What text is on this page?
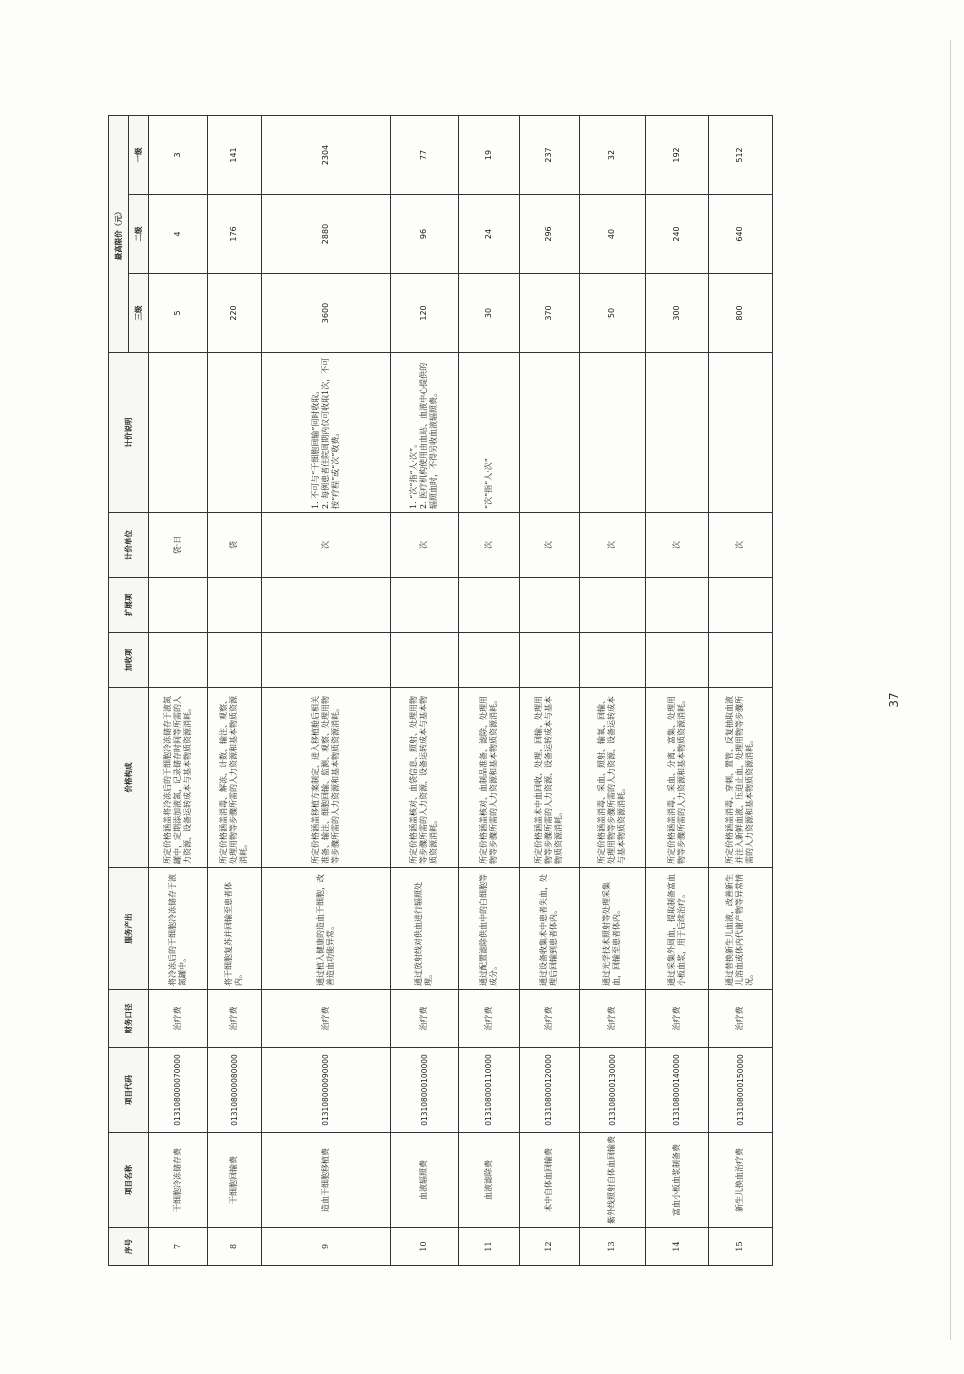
序号	项目名称	项目代码	财务口径	服务产出	价格构成	加收项	扩展项	计价单位	计价说明	最高限价（元）		
										三级	二级	一级
7	干细胞冷冻储存费	013108000070000	治疗费	将冷冻后的干细胞冷冻储存于液氮罐中。	所定价格涵盖将冷冻后的干细胞冷冻储存于液氮罐中，定期添加液氮，记录储存时间等所需的人力资源、设备运转成本与基本物质资源消耗。			袋·日		5	4	3
8	干细胞回输费	013108000080000	治疗费	将干细胞复苏并回输至患者体内。	所定价格涵盖消毒、解冻、计数、输注、观察、处理用物等步骤所需的人力资源和基本物质资源消耗。			袋		220	176	141
9	造血干细胞移植费	013108000090000	治疗费	通过植入健康的造血干细胞，改善造血功能异常。	所定价格涵盖移植方案制定、进入移植舱后相关准备、输注、细胞回输、监测、观察、处理用物等步骤所需的人力资源和基本物质资源消耗。			次	1. 不可与“干细胞回输”同时收取。
2. 每例患者住院周期内仅可收取1次，不可按“疗程”或“次”收费。	3600	2880	2304
10	血液辐照费	013108000100000	治疗费	通过放射线对供血进行辐照处理。	所定价格涵盖核对、血袋信息、照射、处理用物等步骤所需的人力资源、设备运转成本与基本物质资源消耗。			次	1. “次”指“人·次”。
2. 医疗机构使用由血站、血液中心提供的辐照血时，不得另收血液辐照费。	120	96	77
11	血液滤除费	013108000110000	治疗费	通过配置滤除供血中的白细胞等成分。	所定价格涵盖核对、血制品准备、滤除、处理用物等步骤所需的人力资源和基本物质资源消耗。			次	“次”指“人·次”	30	24	19
12	术中自体血回输费	013108000120000	治疗费	通过设备收集术中患者失血，处理后回输到患者体内。	所定价格涵盖术中血回收、处理、回输、处理用物等步骤所需的人力资源、设备运转成本与基本物质资源消耗。			次		370	296	237
13	紫外线照射自体血回输费	013108000130000	治疗费	通过光学技术照射等处理采集血，回输至患者体内。	所定价格涵盖消毒、采血、照射、输氧、回输、处理用物等步骤所需的人力资源、设备运转成本与基本物质资源消耗。			次		50	40	32
14	富血小板血浆制备费	013108000140000	治疗费	通过采集外周血，提取制备富血小板血浆，用于后续治疗。	所定价格涵盖消毒、采血、分离、富集、处理用物等步骤所需的人力资源和基本物质资源消耗。			次		300	240	192
15	新生儿换血治疗费	013108000150000	治疗费	通过替换新生儿血液，改善新生儿溶血或体内代谢产物等异常情况。	所定价格涵盖消毒、穿刺、置管、反复抽取血液并注入新鲜血液、压迫止血、处理用物等步骤所需的人力资源和基本物质资源消耗。			次		800	640	512
37
